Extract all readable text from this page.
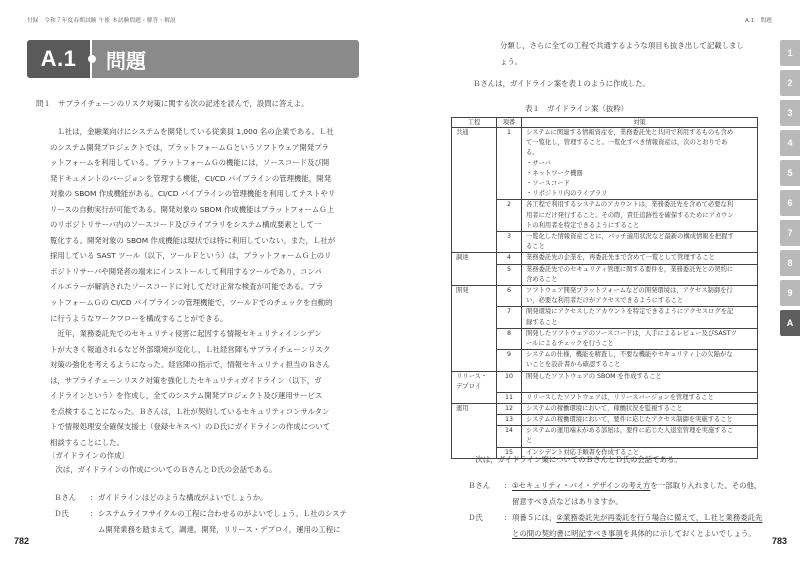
付録　令和７年度春期試験 午後 本試験問題・解答・解説
A.1	問題
問１　サプライチェーンのリスク対策に関する次の記述を読んで，設問に答えよ。

　Ｌ社は，金融業向けにシステムを開発している従業員 1,000 名の企業である。Ｌ社

のシステム開発プロジェクトでは，プラットフォームＧというソフトウェア開発プラ

ットフォームを利用している。プラットフォームＧの機能には，ソースコード及び開

発ドキュメントのバージョンを管理する機能，CI/CD パイプラインの管理機能，開発

対象の SBOM 作成機能がある。CI/CD パイプラインの管理機能を利用してテストやリ

リースの自動実行が可能である。開発対象の SBOM 作成機能はプラットフォームＧ上

のリポジトリサーバ内のソースコード及びライブラリをシステム構成要素として一

覧化する。開発対象の SBOM 作成機能は現状では特に利用していない。また，Ｌ社が

採用している SAST ツール（以下，ツールＦという）は，プラットフォームＧ上のリ

ポジトリサーバや開発者の端末にインストールして利用するツールであり，コンパ

イルエラーが解消されたソースコードに対してだけ正常な検査が可能である。プラ

ットフォームＧの CI/CD パイプラインの管理機能で，ツールＦでのチェックを自動的

に行うようなワークフローを構成することができる。

　近年，業務委託先でのセキュリティ侵害に起因する情報セキュリティインシデン

トが大きく報道されるなど外部環境が変化し，Ｌ社経営陣もサプライチェーンリスク

対策の強化を考えるようになった。経営陣の指示で，情報セキュリティ担当のＢさん

は，サプライチェーンリスク対策を強化したセキュリティガイドライン（以下，ガ

イドラインという）を作成し，全てのシステム開発プロジェクト及び運用サービス

を点検することになった。Ｂさんは，Ｌ社が契約しているセキュリティコンサルタン

トで情報処理安全確保支援士（登録セキスペ）のＤ氏にガイドラインの作成について

相談することにした。

〔ガイドラインの作成〕
　次は，ガイドラインの作成についてのＢさんとＤ氏の会話である。
Ｂさん	： ガイドラインはどのような構成がよいでしょうか。
Ｄ氏	： システムライフサイクルの工程に合わせるのがよいでしょう。Ｌ社のシステ
ム開発業務を踏まえて，調達，開発，リリース・デプロイ，運用の工程に
782
A.1　問題

分類し，さらに全ての工程で共通するような項目も抜き出して記載しまし

ょう。

Ｂさんは，ガイドライン案を表１のように作成した。
表１　ガイドライン案（抜粋）
工程	項番	対策

共通	1	システムに関連する情報資産を，業務委託先と共同で利用するものも含め
て一覧化し，管理すること。一覧化すべき情報資産は，次のとおりであ
る。
・サーバ
・ネットワーク機器
・ソースコード
・リポジトリ内のライブラリ

	2	各工程で利用するシステムのアカウントは，業務委託先を含めて必要な利
用者にだけ発行すること。その際，責任追跡性を確保するためにアカウン
トの利用者を特定できるようにすること

	3	一覧化した情報資産ごとに，パッチ適用状況など最新の構成情報を把握す
ること

調達	4	業務委託先の企業を，再委託先まで含めて一覧として管理すること

	5	業務委託先でのセキュリティ管理に関する要件を，業務委託先との契約に
含めること

開発	6	ソフトウェア開発プラットフォームなどの開発環境は，アクセス制御を行
い，必要な利用者だけがアクセスできるようにすること

	7	開発環境にアクセスしたアカウントを特定できるようにアクセスログを記
録すること

	8	開発したソフトウェアのソースコードは，人手によるレビュー及びSASTツ
ールによるチェックを行うこと

	9	システムの仕様，機能を精査し，不要な機能やセキュリティ上の欠陥がな
いことを設計書から確認すること

リリース・
デプロイ	10	開発したソフトウェアの SBOM を作成すること

	11	リリースしたソフトウェアは，リリースバージョンを管理すること

運用	12	システムの稼働環境において，稼働状況を監視すること

	13	システムの稼働環境において，要件に応じたアクセス制御を実施すること

	14	システムの運用端末がある部屋は，要件に応じた入退室管理を実施するこ
と

	15	インシデント対応手順書を作成すること
　次は，ガイドライン案についてのＢさんとＤ氏の会話である。
Ｂさん	： ①セキュリティ・バイ・デザインの考え方を一部取り入れました。その他，
留意すべき点などはありますか。
Ｄ氏	： 項番５には，②業務委託先が再委託を行う場合に備えて，Ｌ社と業務委託先
との間の契約書に明記すべき事項を具体的に示しておくとよいでしょう。
783
1
2
3
4
5
6
7
8
9
A
